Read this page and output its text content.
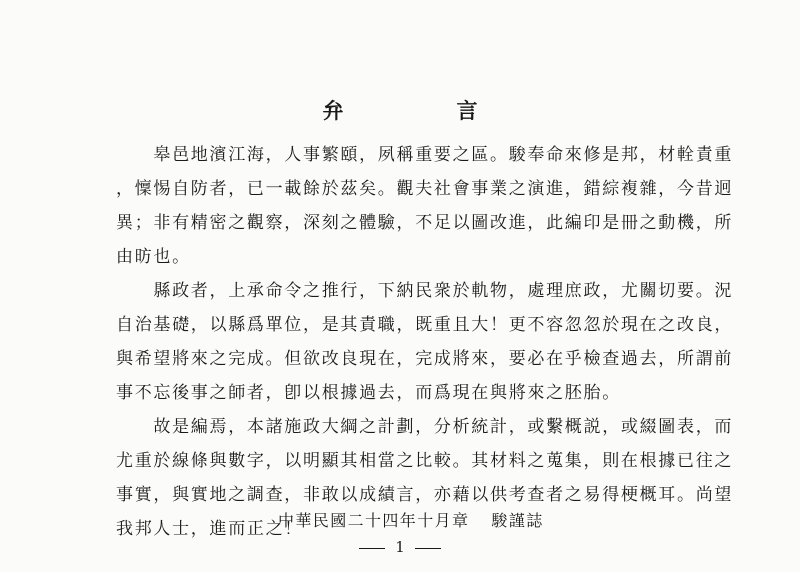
弁　言
　　皋邑地濱江海，人事繁頤，夙稱重要之區。駿奉命來修是邦，材輇責重
，懍惕自防者，已一載餘於茲矣。觀夫社會事業之演進，錯綜複雜，今昔迥
異；非有精密之觀察，深刻之體驗，不足以圖改進，此編印是冊之動機，所
由昉也。
　　縣政者，上承命令之推行，下納民衆於軌物，處理庶政，尤關切要。況
自治基礎，以縣爲單位，是其責職，既重且大！更不容忽忽於現在之改良，
與希望將來之完成。但欲改良現在，完成將來，要必在乎檢查過去，所謂前
事不忘後事之師者，卽以根據過去，而爲現在與將來之胚胎。
　　故是編焉，本諸施政大綱之計劃，分析統計，或繫概説，或綴圖表，而
尤重於線條與數字，以明顯其相當之比較。其材料之蒐集，則在根據已往之
事實，與實地之調查，非敢以成績言，亦藉以供考查者之易得梗概耳。尚望
我邦人士，進而正之！
中華民國二十四年十月章 駿謹誌
1
